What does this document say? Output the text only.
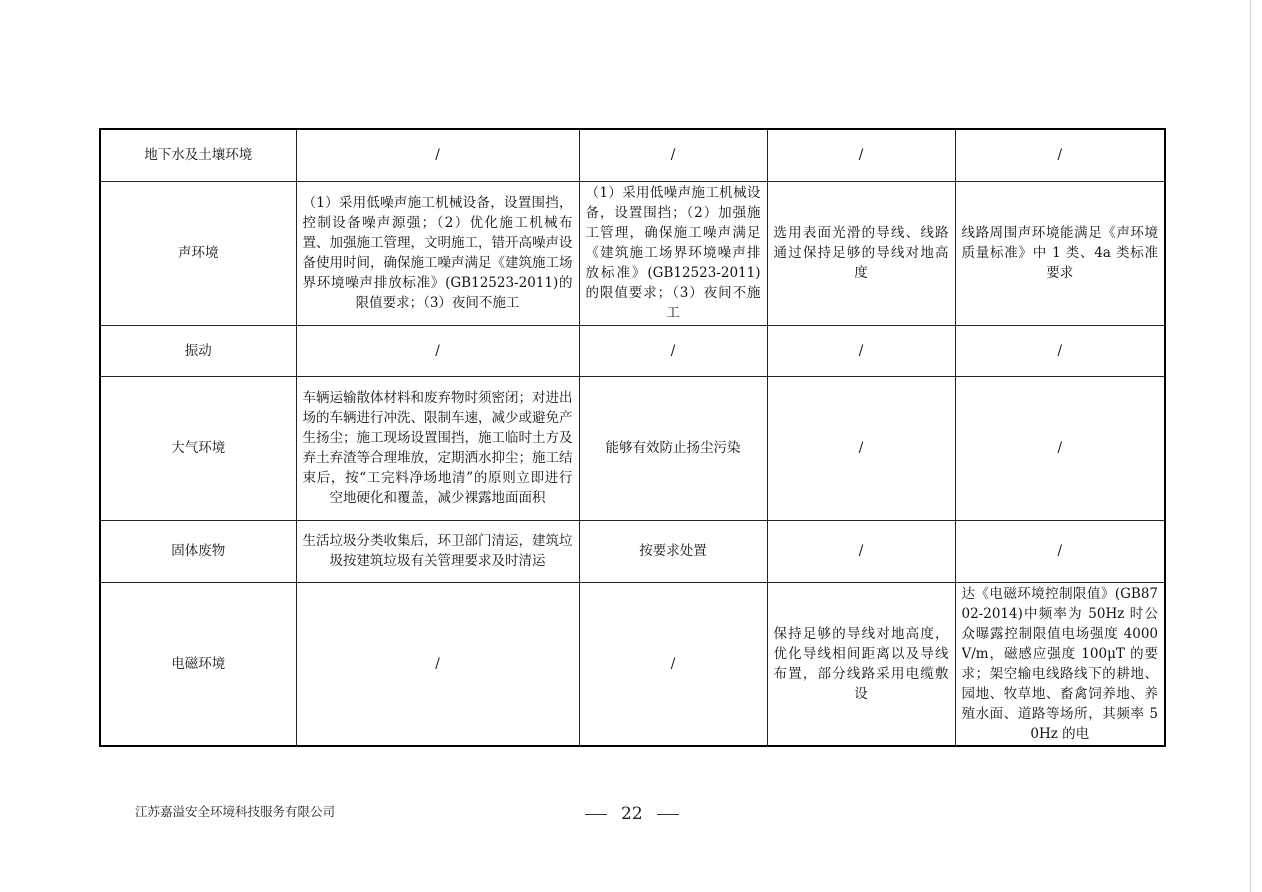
地下水及土壤环境	/	/	/	/
声环境	（1）采用低噪声施工机械设备，设置围挡，控制设备噪声源强；（2）优化施工机械布置、加强施工管理，文明施工，错开高噪声设备使用时间，确保施工噪声满足《建筑施工场界环境噪声排放标准》(GB12523-2011)的限值要求；（3）夜间不施工	（1）采用低噪声施工机械设备，设置围挡；（2）加强施工管理，确保施工噪声满足《建筑施工场界环境噪声排放标准》(GB12523-2011)的限值要求；（3）夜间不施工	选用表面光滑的导线、线路通过保持足够的导线对地高度	线路周围声环境能满足《声环境质量标准》中 1 类、4a 类标准要求

振动	/	/	/	/
大气环境	车辆运输散体材料和废弃物时须密闭；对进出场的车辆进行冲洗、限制车速，减少或避免产生扬尘；施工现场设置围挡，施工临时土方及弃土弃渣等合理堆放，定期洒水抑尘；施工结束后，按“工完料净场地清”的原则立即进行空地硬化和覆盖，减少裸露地面面积	能够有效防止扬尘污染	/	/
固体废物	生活垃圾分类收集后，环卫部门清运，建筑垃圾按建筑垃圾有关管理要求及时清运	按要求处置	/	/
电磁环境	/	/	保持足够的导线对地高度，优化导线相间距离以及导线布置，部分线路采用电缆敷设	达《电磁环境控制限值》(GB8702-2014)中频率为 50Hz 时公众曝露控制限值电场强度 4000V/m，磁感应强度 100μT 的要求；架空输电线路线下的耕地、园地、牧草地、畜禽饲养地、养殖水面、道路等场所，其频率 50Hz 的电
江苏嘉溢安全环境科技服务有限公司	22
